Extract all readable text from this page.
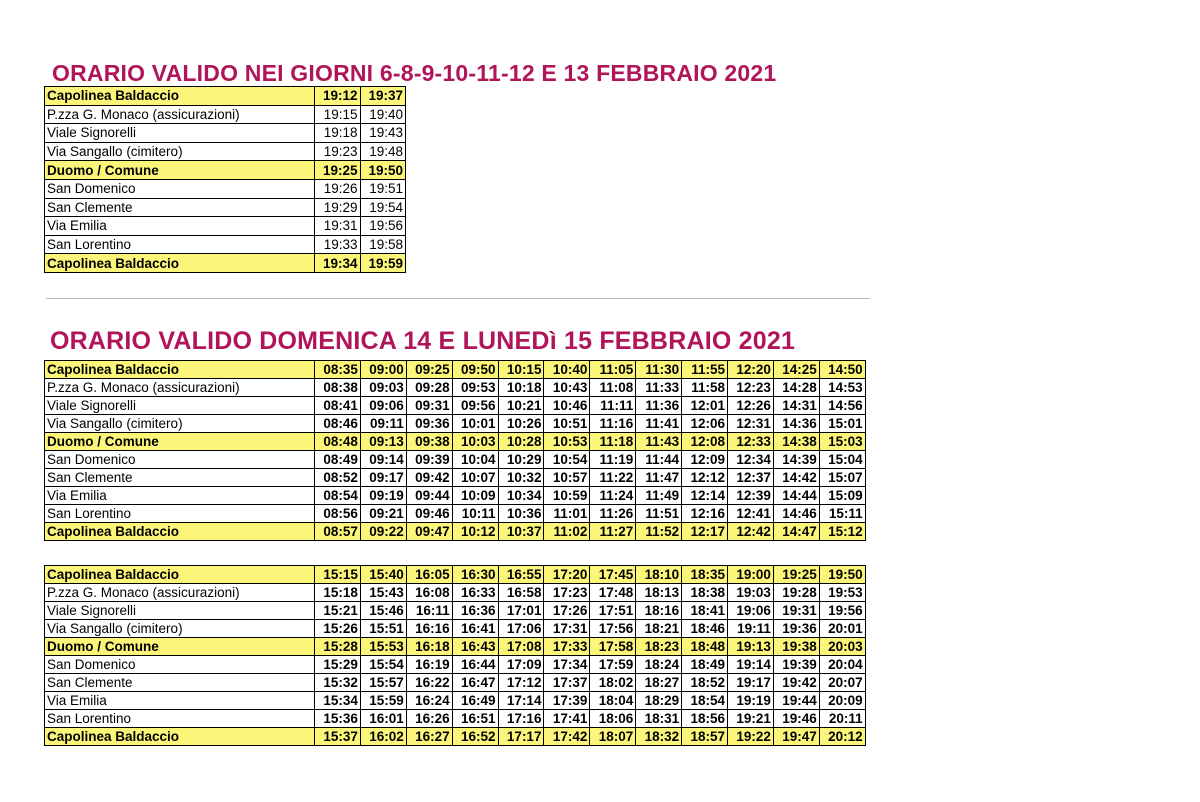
ORARIO VALIDO NEI GIORNI 6-8-9-10-11-12 E 13 FEBBRAIO 2021
Capolinea Baldaccio	19:12	19:37
P.zza G. Monaco (assicurazioni)	19:15	19:40
Viale Signorelli	19:18	19:43
Via Sangallo (cimitero)	19:23	19:48
Duomo / Comune	19:25	19:50
San Domenico	19:26	19:51
San Clemente	19:29	19:54
Via Emilia	19:31	19:56
San Lorentino	19:33	19:58
Capolinea Baldaccio	19:34	19:59
ORARIO VALIDO DOMENICA 14 E LUNEDì 15 FEBBRAIO 2021
Capolinea Baldaccio	08:35	09:00	09:25	09:50	10:15	10:40	11:05	11:30	11:55	12:20	14:25	14:50
P.zza G. Monaco (assicurazioni)	08:38	09:03	09:28	09:53	10:18	10:43	11:08	11:33	11:58	12:23	14:28	14:53
Viale Signorelli	08:41	09:06	09:31	09:56	10:21	10:46	11:11	11:36	12:01	12:26	14:31	14:56
Via Sangallo (cimitero)	08:46	09:11	09:36	10:01	10:26	10:51	11:16	11:41	12:06	12:31	14:36	15:01
Duomo / Comune	08:48	09:13	09:38	10:03	10:28	10:53	11:18	11:43	12:08	12:33	14:38	15:03
San Domenico	08:49	09:14	09:39	10:04	10:29	10:54	11:19	11:44	12:09	12:34	14:39	15:04
San Clemente	08:52	09:17	09:42	10:07	10:32	10:57	11:22	11:47	12:12	12:37	14:42	15:07
Via Emilia	08:54	09:19	09:44	10:09	10:34	10:59	11:24	11:49	12:14	12:39	14:44	15:09
San Lorentino	08:56	09:21	09:46	10:11	10:36	11:01	11:26	11:51	12:16	12:41	14:46	15:11
Capolinea Baldaccio	08:57	09:22	09:47	10:12	10:37	11:02	11:27	11:52	12:17	12:42	14:47	15:12
Capolinea Baldaccio	15:15	15:40	16:05	16:30	16:55	17:20	17:45	18:10	18:35	19:00	19:25	19:50
P.zza G. Monaco (assicurazioni)	15:18	15:43	16:08	16:33	16:58	17:23	17:48	18:13	18:38	19:03	19:28	19:53
Viale Signorelli	15:21	15:46	16:11	16:36	17:01	17:26	17:51	18:16	18:41	19:06	19:31	19:56
Via Sangallo (cimitero)	15:26	15:51	16:16	16:41	17:06	17:31	17:56	18:21	18:46	19:11	19:36	20:01
Duomo / Comune	15:28	15:53	16:18	16:43	17:08	17:33	17:58	18:23	18:48	19:13	19:38	20:03
San Domenico	15:29	15:54	16:19	16:44	17:09	17:34	17:59	18:24	18:49	19:14	19:39	20:04
San Clemente	15:32	15:57	16:22	16:47	17:12	17:37	18:02	18:27	18:52	19:17	19:42	20:07
Via Emilia	15:34	15:59	16:24	16:49	17:14	17:39	18:04	18:29	18:54	19:19	19:44	20:09
San Lorentino	15:36	16:01	16:26	16:51	17:16	17:41	18:06	18:31	18:56	19:21	19:46	20:11
Capolinea Baldaccio	15:37	16:02	16:27	16:52	17:17	17:42	18:07	18:32	18:57	19:22	19:47	20:12
